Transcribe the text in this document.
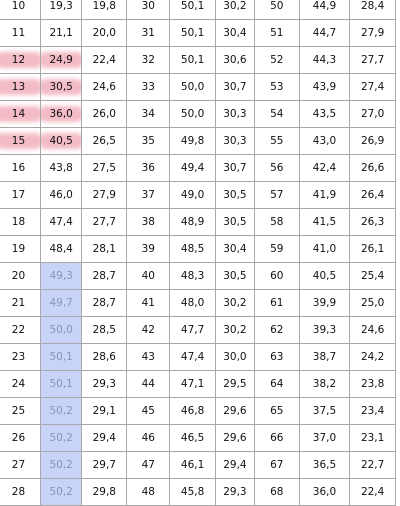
10	19,3	19,8	30	50,1	30,2	50	44,9	28,4
11	21,1	20,0	31	50,1	30,4	51	44,7	27,9

12	24,9	22,4	32	50,1	30,6	52	44,3	27,7

13	30,5	24,6	33	50,0	30,7	53	43,9	27,4

14	36,0	26,0	34	50,0	30,3	54	43,5	27,0

15	40,5	26,5	35	49,8	30,3	55	43,0	26,9
16	43,8	27,5	36	49,4	30,7	56	42,4	26,6
17	46,0	27,9	37	49,0	30,5	57	41,9	26,4
18	47,4	27,7	38	48,9	30,5	58	41,5	26,3
19	48,4	28,1	39	48,5	30,4	59	41,0	26,1
20	49,3	28,7	40	48,3	30,5	60	40,5	25,4
21	49,7	28,7	41	48,0	30,2	61	39,9	25,0
22	50,0	28,5	42	47,7	30,2	62	39,3	24,6
23	50,1	28,6	43	47,4	30,0	63	38,7	24,2
24	50,1	29,3	44	47,1	29,5	64	38,2	23,8
25	50,2	29,1	45	46,8	29,6	65	37,5	23,4
26	50,2	29,4	46	46,5	29,6	66	37,0	23,1
27	50,2	29,7	47	46,1	29,4	67	36,5	22,7
28	50,2	29,8	48	45,8	29,3	68	36,0	22,4
